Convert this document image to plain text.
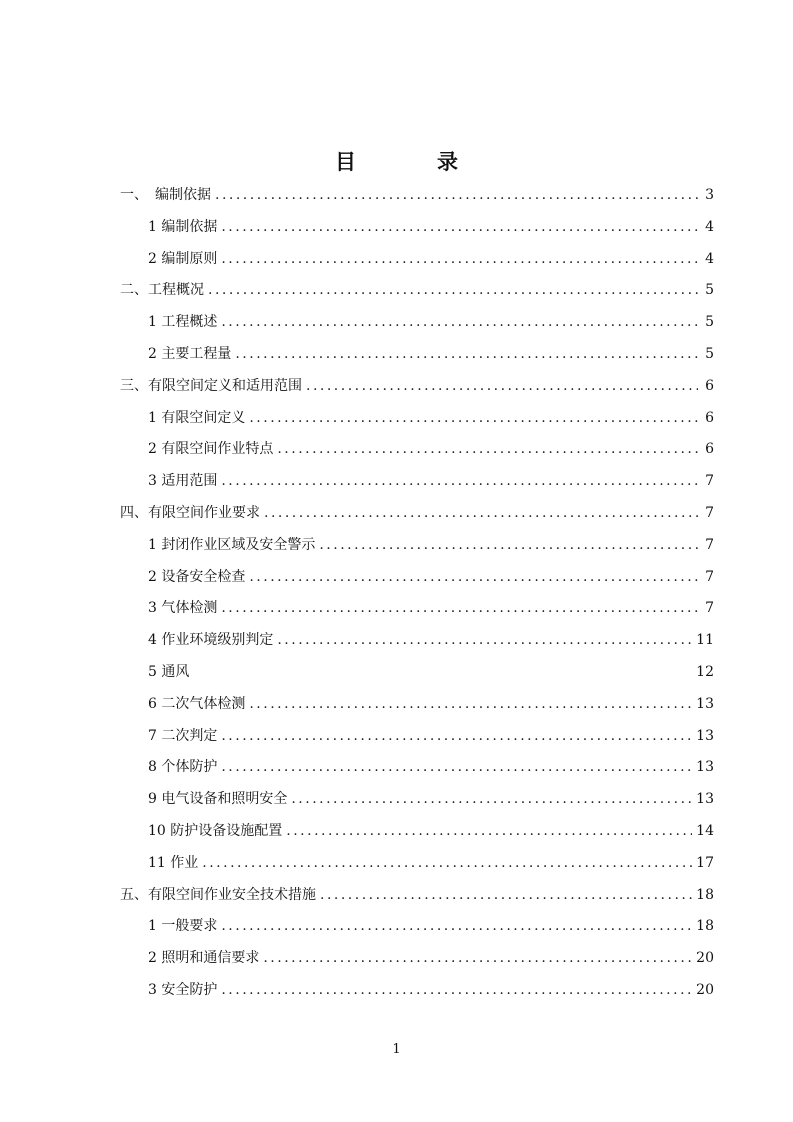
目　录
一、　编制依据 .....	3
1 编制依据 .....	4
2 编制原则 .....	4
二、工程概况 .....	5
1 工程概述 .....	5
2 主要工程量 .....	5
三、有限空间定义和适用范围 .....	6
1 有限空间定义 .....	6
2 有限空间作业特点 .....	6
3 适用范围 .....	7
四、有限空间作业要求 .....	7
1 封闭作业区域及安全警示 .....	7
2 设备安全检查 .....	7
3 气体检测 .....	7
4 作业环境级别判定 .....	11
5 通风	12
6 二次气体检测 .....	13
7 二次判定 .....	13
8 个体防护 .....	13
9 电气设备和照明安全 .....	13
10 防护设备设施配置 .....	14
11 作业 .....	17
五、有限空间作业安全技术措施 .....	18
1 一般要求 .....	18
2 照明和通信要求 .....	20
3 安全防护 .....	20
1
